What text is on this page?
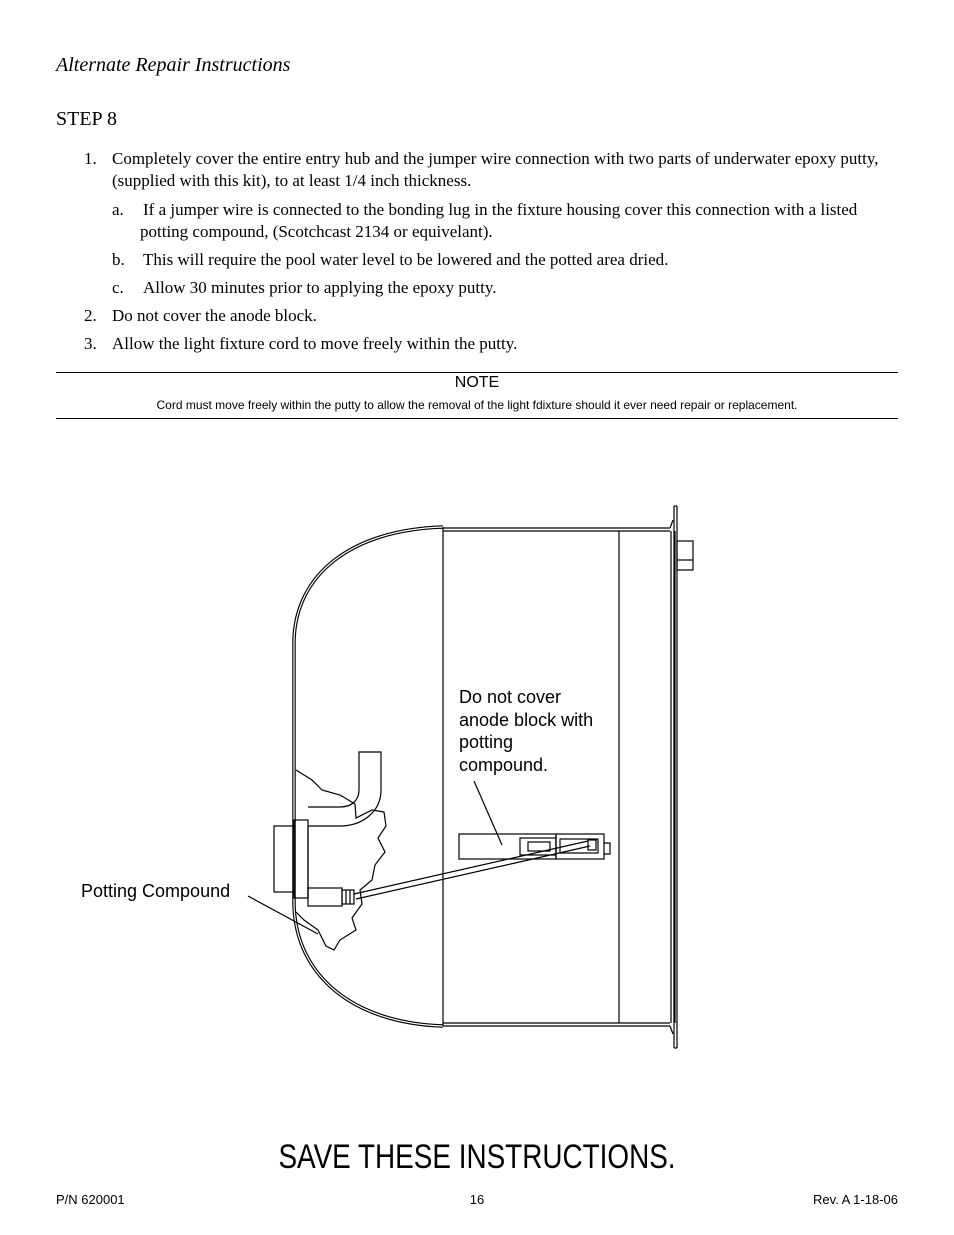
Alternate Repair Instructions
STEP 8
1. Completely cover the entire entry hub and the jumper wire connection with two parts of underwater epoxy putty, (supplied with this kit), to at least 1/4 inch thickness.
a. If a jumper wire is connected to the bonding lug in the fixture housing cover this connection with a listed potting compound, (Scotchcast 2134 or equivelant).
b. This will require the pool water level to be lowered and the potted area dried.
c. Allow 30 minutes prior to applying the epoxy putty.
2. Do not cover the anode block.
3. Allow the light fixture cord to move freely within the putty.
NOTE
Cord must move freely within the putty to allow the removal of the light fdixture should it ever need repair or replacement.
Do not cover
anode block with
potting
compound.
Potting Compound
SAVE THESE INSTRUCTIONS.
P/N 620001	16	Rev. A 1-18-06
